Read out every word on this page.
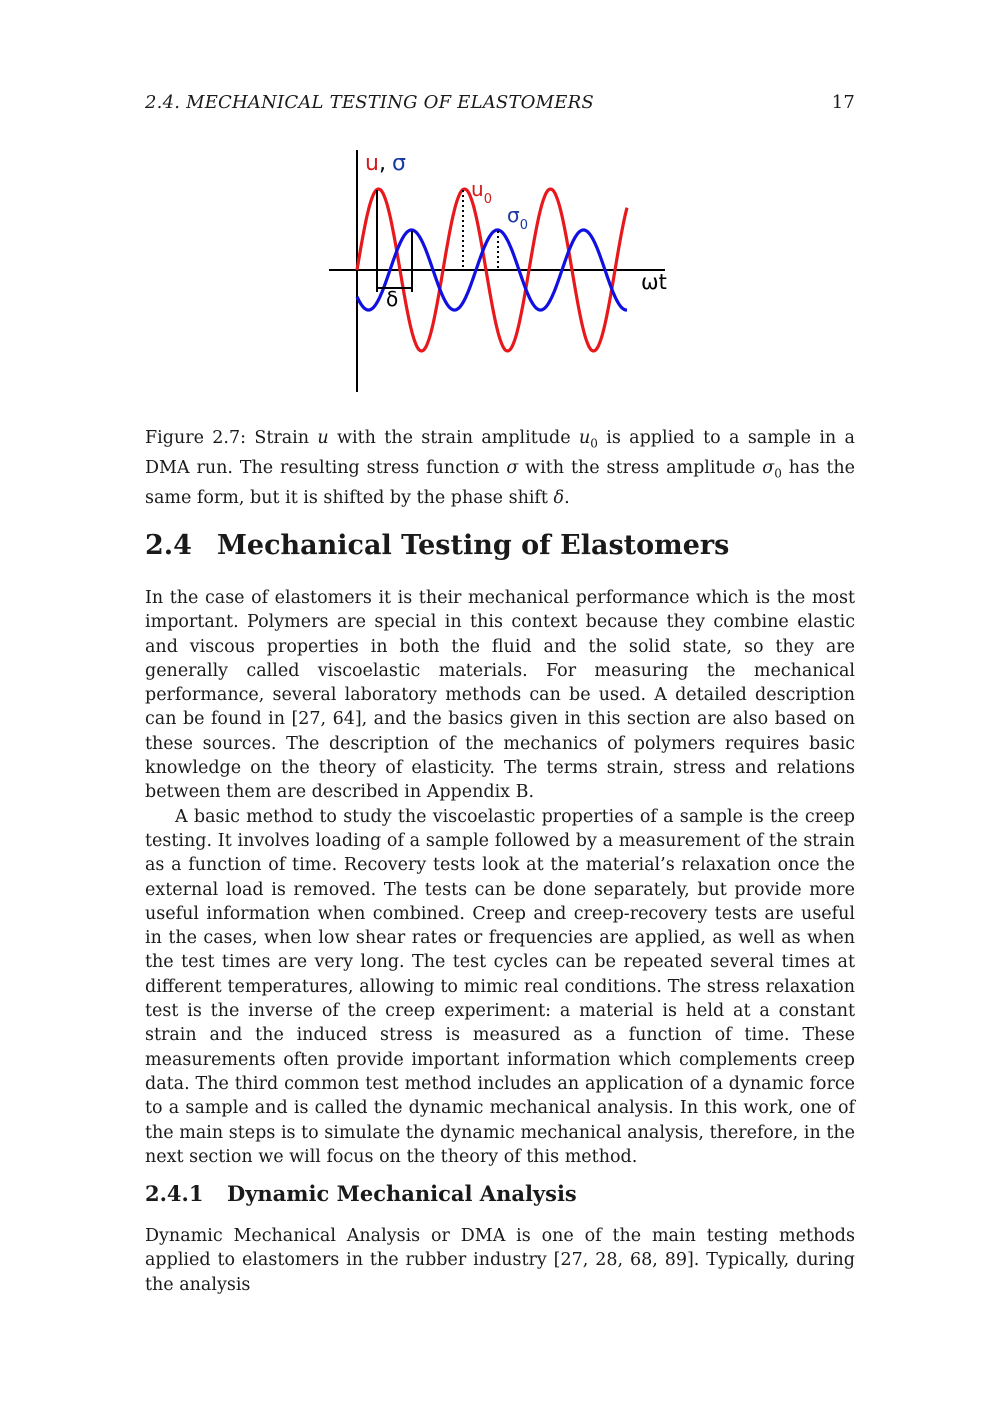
2.4. MECHANICAL TESTING OF ELASTOMERS	17
u, σ
$u_0$
$\sigma_0$
δ
ωt
Figure 2.7: Strain u with the strain amplitude $u_0$ is applied to a sample in a DMA run. The resulting stress function σ with the stress amplitude $\sigma_0$ has the same form, but it is shifted by the phase shift δ.
2.4 Mechanical Testing of Elastomers

In the case of elastomers it is their mechanical performance which is the most important. Polymers are special in this context because they combine elastic and viscous properties in both the fluid and the solid state, so they are generally called viscoelastic materials. For measuring the mechanical performance, several laboratory methods can be used. A detailed description can be found in [27, 64], and the basics given in this section are also based on these sources. The description of the mechanics of polymers requires basic knowledge on the theory of elasticity. The terms strain, stress and relations between them are described in Appendix B.

A basic method to study the viscoelastic properties of a sample is the creep testing. It involves loading of a sample followed by a measurement of the strain as a function of time. Recovery tests look at the material’s relaxation once the external load is removed. The tests can be done separately, but provide more useful information when combined. Creep and creep-recovery tests are useful in the cases, when low shear rates or frequencies are applied, as well as when the test times are very long. The test cycles can be repeated several times at different temperatures, allowing to mimic real conditions. The stress relaxation test is the inverse of the creep experiment: a material is held at a constant strain and the induced stress is measured as a function of time. These measurements often provide important information which complements creep data. The third common test method includes an application of a dynamic force to a sample and is called the dynamic mechanical analysis. In this work, one of the main steps is to simulate the dynamic mechanical analysis, therefore, in the next section we will focus on the theory of this method.

2.4.1 Dynamic Mechanical Analysis

Dynamic Mechanical Analysis or DMA is one of the main testing methods applied to elastomers in the rubber industry [27, 28, 68, 89]. Typically, during the analysis
